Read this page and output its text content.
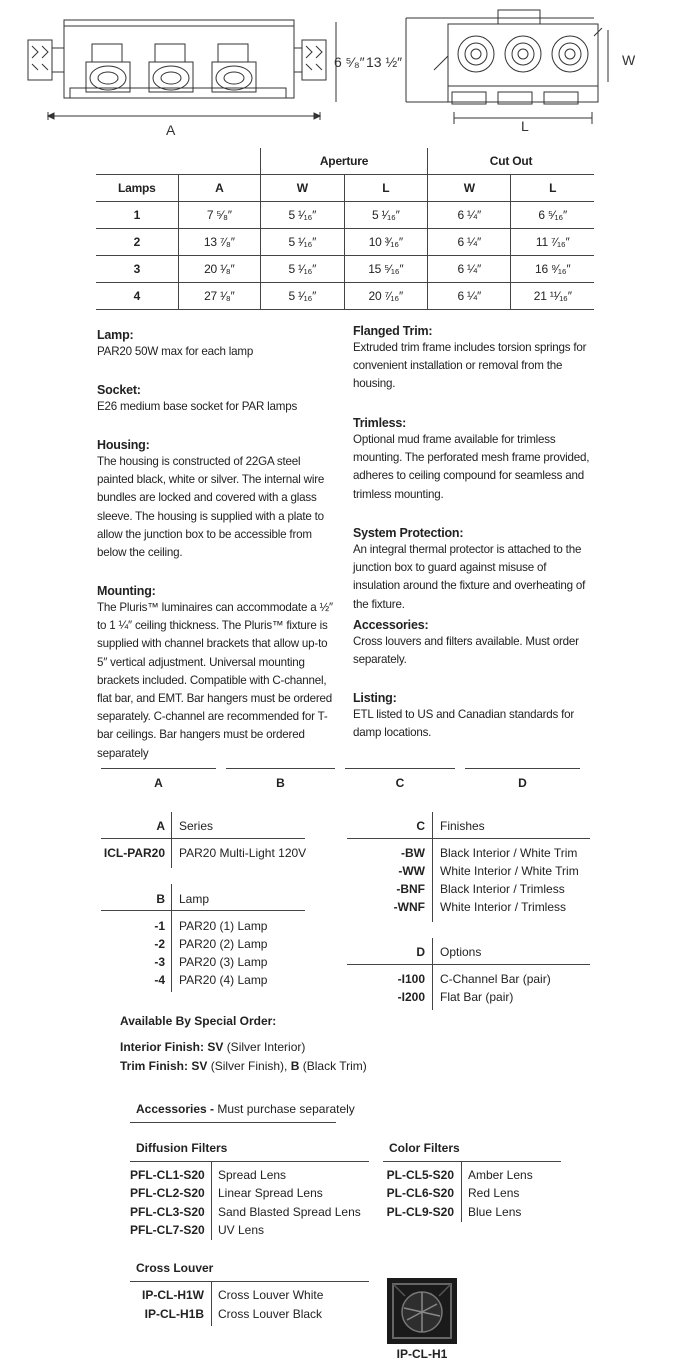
6 ⁵⁄₈″
A
13 ½″	W
L
		Aperture		Cut Out	
Lamps	A	W	L	W	L
1	7 ⁵⁄₈″	5 ¹⁄₁₆″	5 ¹⁄₁₆″	6 ¼″	6 ⁵⁄₁₆″
2	13 ⁷⁄₈″	5 ¹⁄₁₆″	10 ³⁄₁₆″	6 ¼″	11 ⁷⁄₁₆″
3	20 ¹⁄₈″	5 ¹⁄₁₆″	15 ⁵⁄₁₆″	6 ¼″	16 ⁹⁄₁₆″
4	27 ¹⁄₈″	5 ¹⁄₁₆″	20 ⁷⁄₁₆″	6 ¼″	21 ¹¹⁄₁₆″
Lamp:

PAR20 50W max for each lamp

Socket:

E26 medium base socket for PAR lamps

Housing:

The housing is constructed of 22GA steel painted black, white or silver. The internal wire bundles are locked and covered with a glass sleeve. The housing is supplied with a plate to allow the junction box to be accessible from below the ceiling.

Mounting:

The Pluris™ luminaires can accommodate a ½″ to 1 ¼″ ceiling thickness. The Pluris™ fixture is supplied with channel brackets that allow up-to 5″ vertical adjustment. Universal mounting brackets included. Compatible with C-channel, flat bar, and EMT. Bar hangers must be ordered separately. C-channel are recommended for T-bar ceilings. Bar hangers must be ordered separately

Flanged Trim:

Extruded trim frame includes torsion springs for convenient installation or removal from the housing.

Trimless:

Optional mud frame available for trimless mounting. The perforated mesh frame provided, adheres to ceiling compound for seamless and trimless mounting.

System Protection:

An integral thermal protector is attached to the junction box to guard against misuse of insulation around the fixture and overheating of the fixture.

Accessories:

Cross louvers and filters available. Must order separately.

Listing:

ETL listed to US and Canadian standards for damp locations.

A	B	C	D
A Series
ICL-PAR20 PAR20 Multi-Light 120V
B Lamp
-1 PAR20 (1) Lamp
-2 PAR20 (2) Lamp
-3 PAR20 (3) Lamp
-4 PAR20 (4) Lamp
C Finishes
-BW Black Interior / White Trim
-WW White Interior / White Trim
-BNF Black Interior / Trimless
-WNF White Interior / Trimless
D Options
-I100 C-Channel Bar (pair)
-I200 Flat Bar (pair)
Available By Special Order:
Interior Finish: SV (Silver Interior)
Trim Finish: SV (Silver Finish), B (Black Trim)
Accessories - Must purchase separately
Diffusion Filters
PFL-CL1-S20 Spread Lens
PFL-CL2-S20 Linear Spread Lens
PFL-CL3-S20 Sand Blasted Spread Lens
PFL-CL7-S20 UV Lens
Color Filters
PL-CL5-S20 Amber Lens
PL-CL6-S20 Red Lens
PL-CL9-S20 Blue Lens
Cross Louver
IP-CL-H1W Cross Louver White
IP-CL-H1B Cross Louver Black
IP-CL-H1
